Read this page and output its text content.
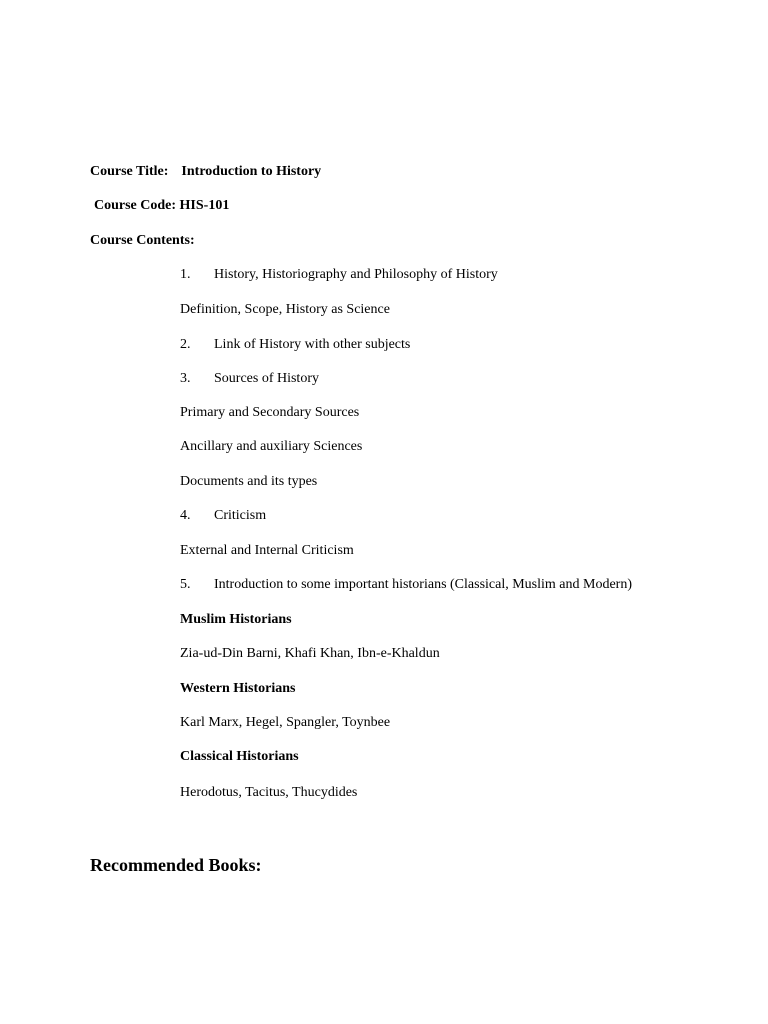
Course Title: Introduction to History
Course Code: HIS-101
Course Contents:
1. History, Historiography and Philosophy of History
Definition, Scope, History as Science
2. Link of History with other subjects
3. Sources of History
Primary and Secondary Sources
Ancillary and auxiliary Sciences
Documents and its types
4. Criticism
External and Internal Criticism
5. Introduction to some important historians (Classical, Muslim and Modern)
Muslim Historians
Zia-ud-Din Barni, Khafi Khan, Ibn-e-Khaldun
Western Historians
Karl Marx, Hegel, Spangler, Toynbee
Classical Historians
Herodotus, Tacitus, Thucydides
Recommended Books:
